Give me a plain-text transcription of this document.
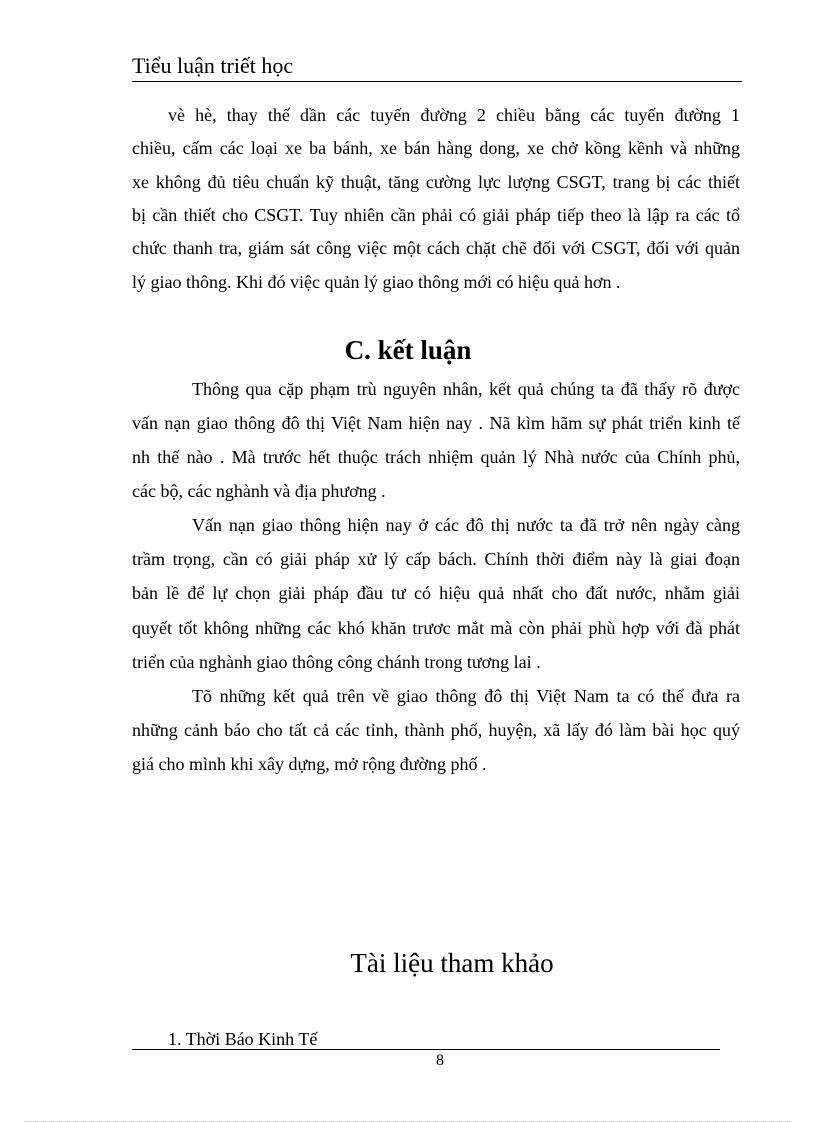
Tiểu luận triết học
vè hè, thay thế dần các tuyến đường 2 chiều bằng các tuyến đường 1
chiều, cấm các loại xe ba bánh, xe bán hàng dong, xe chở kồng kềnh và những
xe không đủ tiêu chuẩn kỹ thuật, tăng cường lực lượng CSGT, trang bị các thiết
bị cần thiết cho CSGT. Tuy nhiên cần phải có giải pháp tiếp theo là lập ra các tổ
chức thanh tra, giám sát công việc một cách chặt chẽ đối với CSGT, đối với quản
lý giao thông. Khi đó việc quản lý giao thông mới có hiệu quả hơn .
C. kết luận
Thông qua cặp phạm trù nguyên nhân, kết quả chúng ta đã thấy rõ được
vấn nạn giao thông đô thị Việt Nam hiện nay . Nã kìm hãm sự phát triển kinh tế
nh thế nào . Mà trước hết thuộc trách nhiệm quản lý Nhà nước của Chính phủ,
các bộ, các nghành và địa phương .
Vấn nạn giao thông hiện nay ở các đô thị nước ta đã trở nên ngày càng
trầm trọng, cần có giải pháp xử lý cấp bách. Chính thời điểm này là giai đoạn
bản lề để lự chọn giải pháp đầu tư có hiệu quả nhất cho đất nước, nhằm giải
quyết tốt không những các khó khăn trươc mắt mà còn phải phù hợp với đà phát
triển của nghành giao thông công chánh trong tương lai .
Tõ những kết quả trên về giao thông đô thị Việt Nam ta có thể đưa ra
những cảnh báo cho tất cả các tỉnh, thành phố, huyện, xã lấy đó làm bài học quý
giá cho mình khi xây dựng, mở rộng đường phố .
Tài liệu tham khảo
1. Thời Báo Kinh Tế
8
